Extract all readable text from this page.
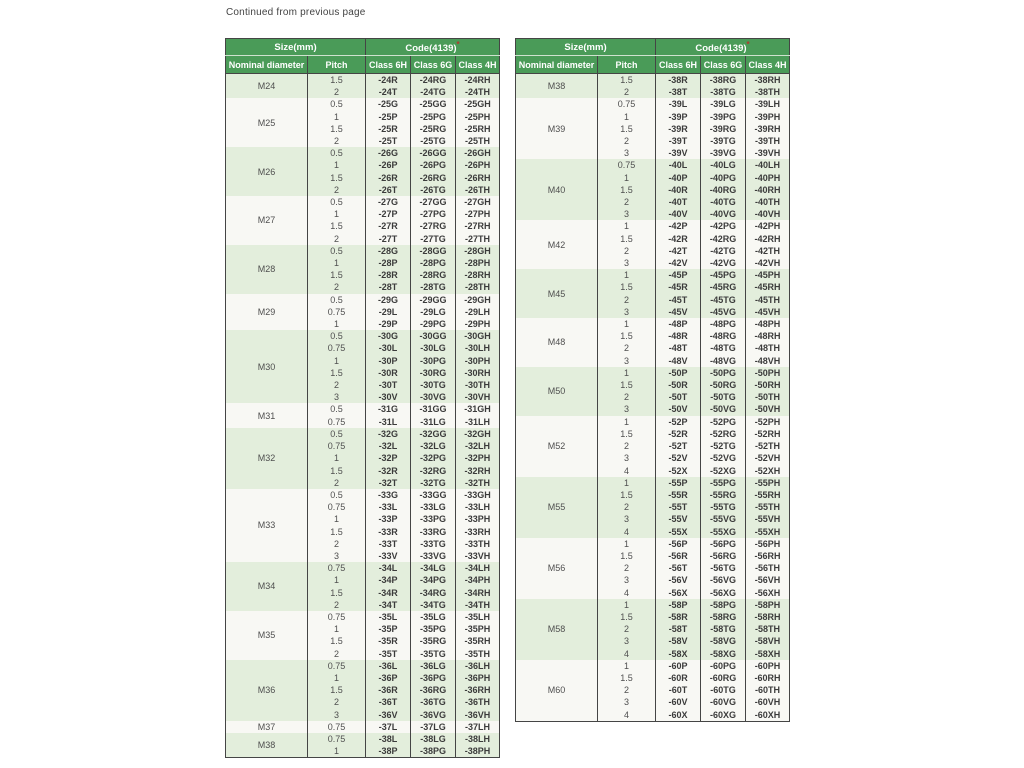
Continued from previous page
Size(mm)		Code(4139)*
Nominal diameter	Pitch	Class 6H	Class 6G	Class 4H
M24	1.5	-24R	-24RG	-24RH
	2	-24T	-24TG	-24TH
M25	0.5	-25G	-25GG	-25GH
	1	-25P	-25PG	-25PH
	1.5	-25R	-25RG	-25RH
	2	-25T	-25TG	-25TH
M26	0.5	-26G	-26GG	-26GH
	1	-26P	-26PG	-26PH
	1.5	-26R	-26RG	-26RH
	2	-26T	-26TG	-26TH
M27	0.5	-27G	-27GG	-27GH
	1	-27P	-27PG	-27PH
	1.5	-27R	-27RG	-27RH
	2	-27T	-27TG	-27TH
M28	0.5	-28G	-28GG	-28GH
	1	-28P	-28PG	-28PH
	1.5	-28R	-28RG	-28RH
	2	-28T	-28TG	-28TH
M29	0.5	-29G	-29GG	-29GH
	0.75	-29L	-29LG	-29LH
	1	-29P	-29PG	-29PH
M30	0.5	-30G	-30GG	-30GH
	0.75	-30L	-30LG	-30LH
	1	-30P	-30PG	-30PH
	1.5	-30R	-30RG	-30RH
	2	-30T	-30TG	-30TH
	3	-30V	-30VG	-30VH
M31	0.5	-31G	-31GG	-31GH
	0.75	-31L	-31LG	-31LH
M32	0.5	-32G	-32GG	-32GH
	0.75	-32L	-32LG	-32LH
	1	-32P	-32PG	-32PH
	1.5	-32R	-32RG	-32RH
	2	-32T	-32TG	-32TH
M33	0.5	-33G	-33GG	-33GH
	0.75	-33L	-33LG	-33LH
	1	-33P	-33PG	-33PH
	1.5	-33R	-33RG	-33RH
	2	-33T	-33TG	-33TH
	3	-33V	-33VG	-33VH
M34	0.75	-34L	-34LG	-34LH
	1	-34P	-34PG	-34PH
	1.5	-34R	-34RG	-34RH
	2	-34T	-34TG	-34TH
M35	0.75	-35L	-35LG	-35LH
	1	-35P	-35PG	-35PH
	1.5	-35R	-35RG	-35RH
	2	-35T	-35TG	-35TH
M36	0.75	-36L	-36LG	-36LH
	1	-36P	-36PG	-36PH
	1.5	-36R	-36RG	-36RH
	2	-36T	-36TG	-36TH
	3	-36V	-36VG	-36VH
M37	0.75	-37L	-37LG	-37LH
M38	0.75	-38L	-38LG	-38LH
	1	-38P	-38PG	-38PH
Size(mm)		Code(4139)*
Nominal diameter	Pitch	Class 6H	Class 6G	Class 4H
M38	1.5	-38R	-38RG	-38RH
	2	-38T	-38TG	-38TH
M39	0.75	-39L	-39LG	-39LH
	1	-39P	-39PG	-39PH
	1.5	-39R	-39RG	-39RH
	2	-39T	-39TG	-39TH
	3	-39V	-39VG	-39VH
M40	0.75	-40L	-40LG	-40LH
	1	-40P	-40PG	-40PH
	1.5	-40R	-40RG	-40RH
	2	-40T	-40TG	-40TH
	3	-40V	-40VG	-40VH
M42	1	-42P	-42PG	-42PH
	1.5	-42R	-42RG	-42RH
	2	-42T	-42TG	-42TH
	3	-42V	-42VG	-42VH
M45	1	-45P	-45PG	-45PH
	1.5	-45R	-45RG	-45RH
	2	-45T	-45TG	-45TH
	3	-45V	-45VG	-45VH
M48	1	-48P	-48PG	-48PH
	1.5	-48R	-48RG	-48RH
	2	-48T	-48TG	-48TH
	3	-48V	-48VG	-48VH
M50	1	-50P	-50PG	-50PH
	1.5	-50R	-50RG	-50RH
	2	-50T	-50TG	-50TH
	3	-50V	-50VG	-50VH
M52	1	-52P	-52PG	-52PH
	1.5	-52R	-52RG	-52RH
	2	-52T	-52TG	-52TH
	3	-52V	-52VG	-52VH
	4	-52X	-52XG	-52XH
M55	1	-55P	-55PG	-55PH
	1.5	-55R	-55RG	-55RH
	2	-55T	-55TG	-55TH
	3	-55V	-55VG	-55VH
	4	-55X	-55XG	-55XH
M56	1	-56P	-56PG	-56PH
	1.5	-56R	-56RG	-56RH
	2	-56T	-56TG	-56TH
	3	-56V	-56VG	-56VH
	4	-56X	-56XG	-56XH
M58	1	-58P	-58PG	-58PH
	1.5	-58R	-58RG	-58RH
	2	-58T	-58TG	-58TH
	3	-58V	-58VG	-58VH
	4	-58X	-58XG	-58XH
M60	1	-60P	-60PG	-60PH
	1.5	-60R	-60RG	-60RH
	2	-60T	-60TG	-60TH
	3	-60V	-60VG	-60VH
	4	-60X	-60XG	-60XH
